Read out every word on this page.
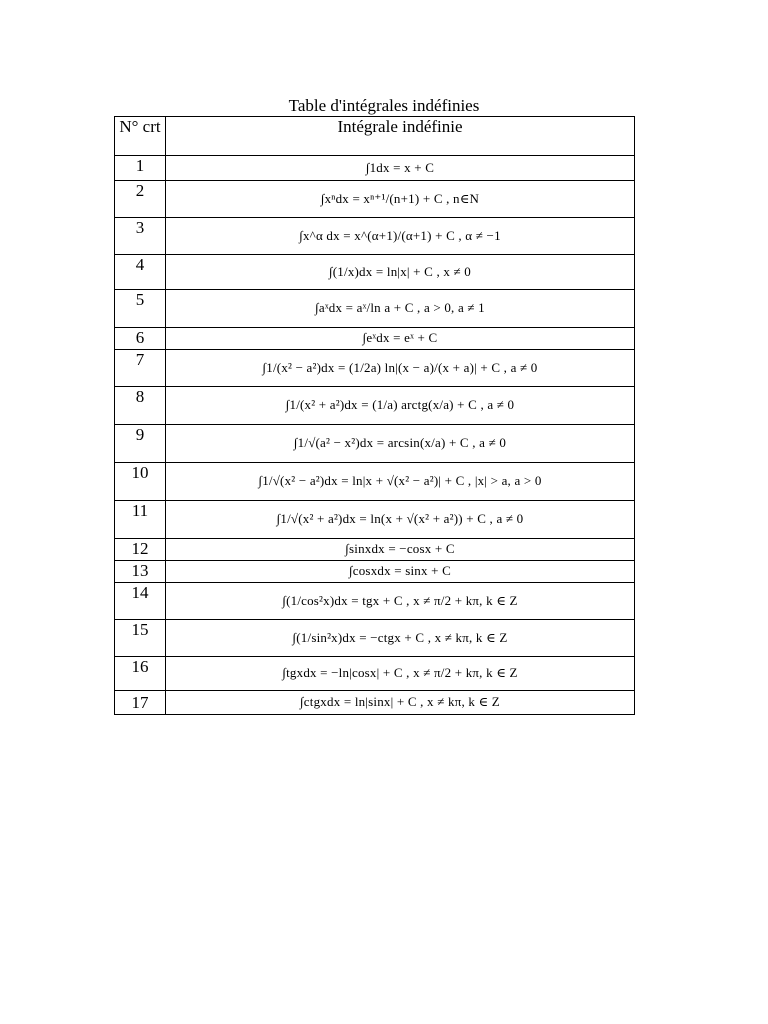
Table d'intégrales indéfinies
N° crt	Intégrale indéfinie
1	∫1dx = x + C
2	∫xⁿdx = xⁿ⁺¹/(n+1) + C , n∈N
3	∫x^α dx = x^(α+1)/(α+1) + C , α ≠ −1
4	∫(1/x)dx = ln|x| + C , x ≠ 0
5	∫aˣdx = aˣ/ln a + C , a > 0, a ≠ 1
6	∫eˣdx = eˣ + C
7	∫1/(x² − a²)dx = (1/2a) ln|(x − a)/(x + a)| + C , a ≠ 0
8	∫1/(x² + a²)dx = (1/a) arctg(x/a) + C , a ≠ 0
9	∫1/√(a² − x²)dx = arcsin(x/a) + C , a ≠ 0
10	∫1/√(x² − a²)dx = ln|x + √(x² − a²)| + C , |x| > a, a > 0
11	∫1/√(x² + a²)dx = ln(x + √(x² + a²)) + C , a ≠ 0
12	∫sinxdx = −cosx + C
13	∫cosxdx = sinx + C
14	∫(1/cos²x)dx = tgx + C , x ≠ π/2 + kπ, k ∈ Z
15	∫(1/sin²x)dx = −ctgx + C , x ≠ kπ, k ∈ Z
16	∫tgxdx = −ln|cosx| + C , x ≠ π/2 + kπ, k ∈ Z
17	∫ctgxdx = ln|sinx| + C , x ≠ kπ, k ∈ Z
